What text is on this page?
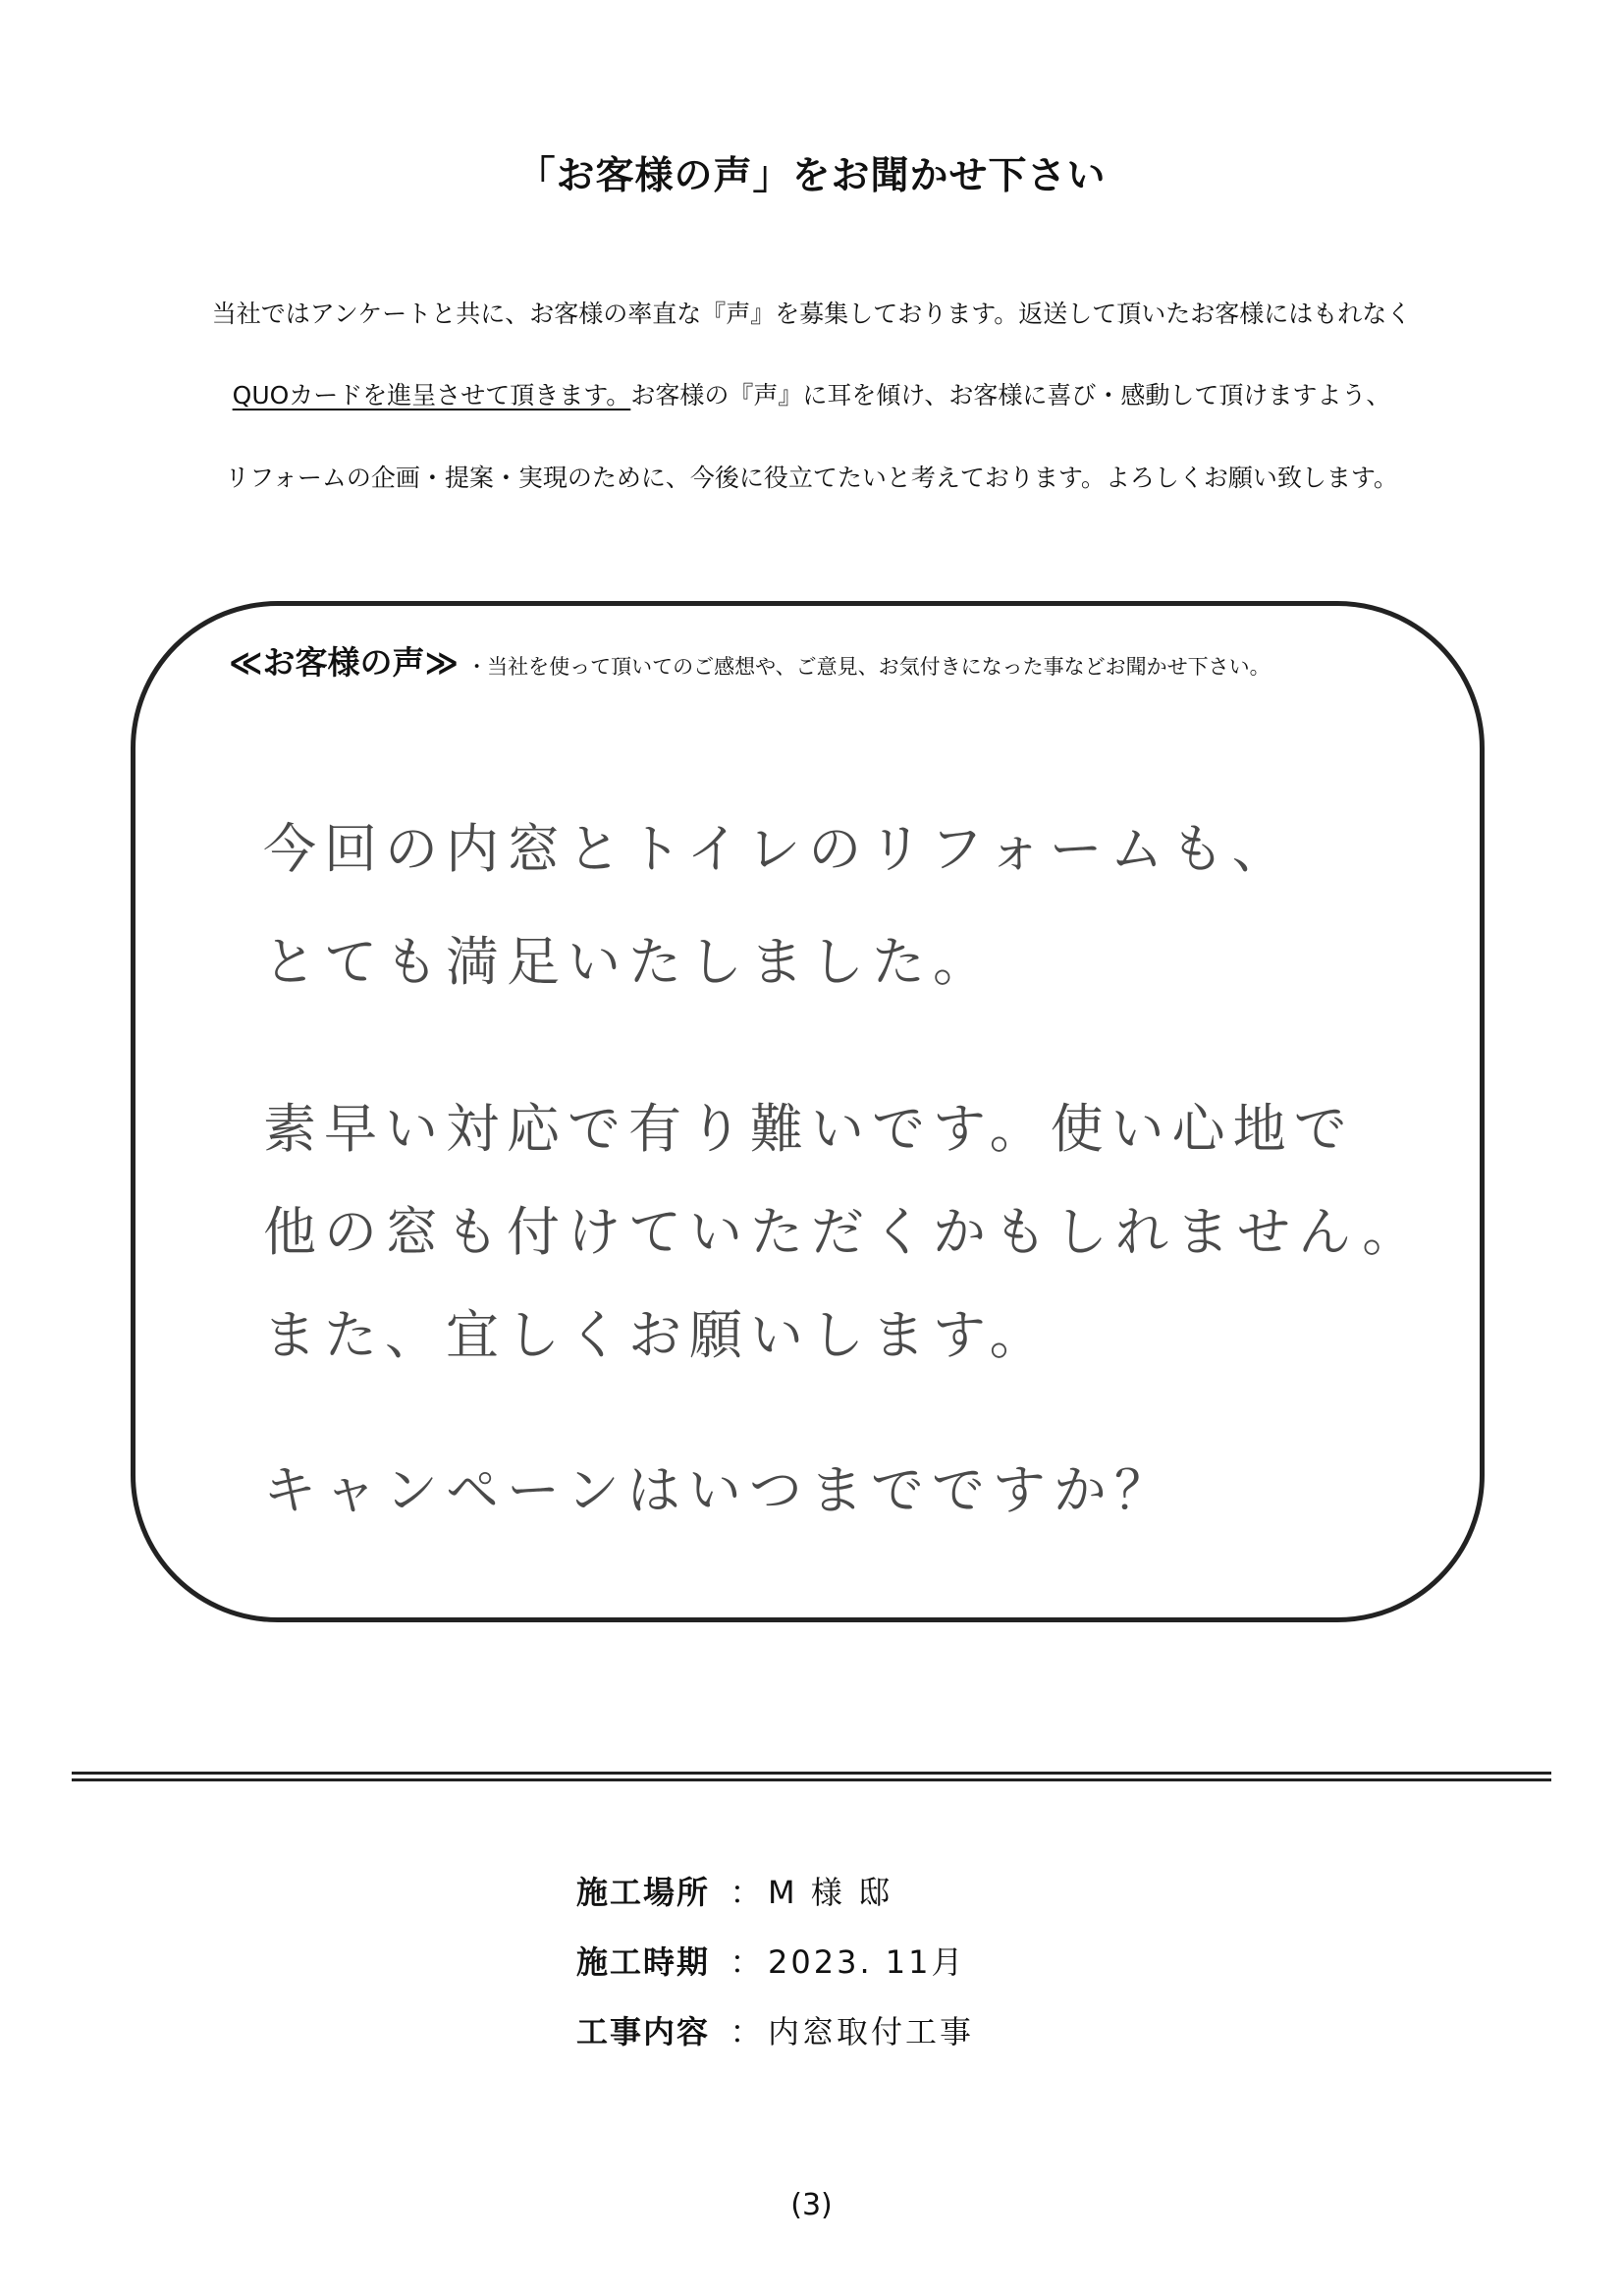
「お客様の声」をお聞かせ下さい
当社ではアンケートと共に、お客様の率直な『声』を募集しております。返送して頂いたお客様にはもれなく
QUOカードを進呈させて頂きます。お客様の『声』に耳を傾け、お客様に喜び・感動して頂けますよう、
リフォームの企画・提案・実現のために、今後に役立てたいと考えております。よろしくお願い致します。
≪お客様の声≫ ・当社を使って頂いてのご感想や、ご意見、お気付きになった事などお聞かせ下さい。
今回の内窓とトイレのリフォームも、
とても満足いたしました。
素早い対応で有り難いです。使い心地で
他の窓も付けていただくかもしれません。
また、宜しくお願いします。
キャンペーンはいつまでですか？
施工場所 ： M 様 邸
施工時期 ： 2023. 11月
工事内容 ： 内窓取付工事
(3)
